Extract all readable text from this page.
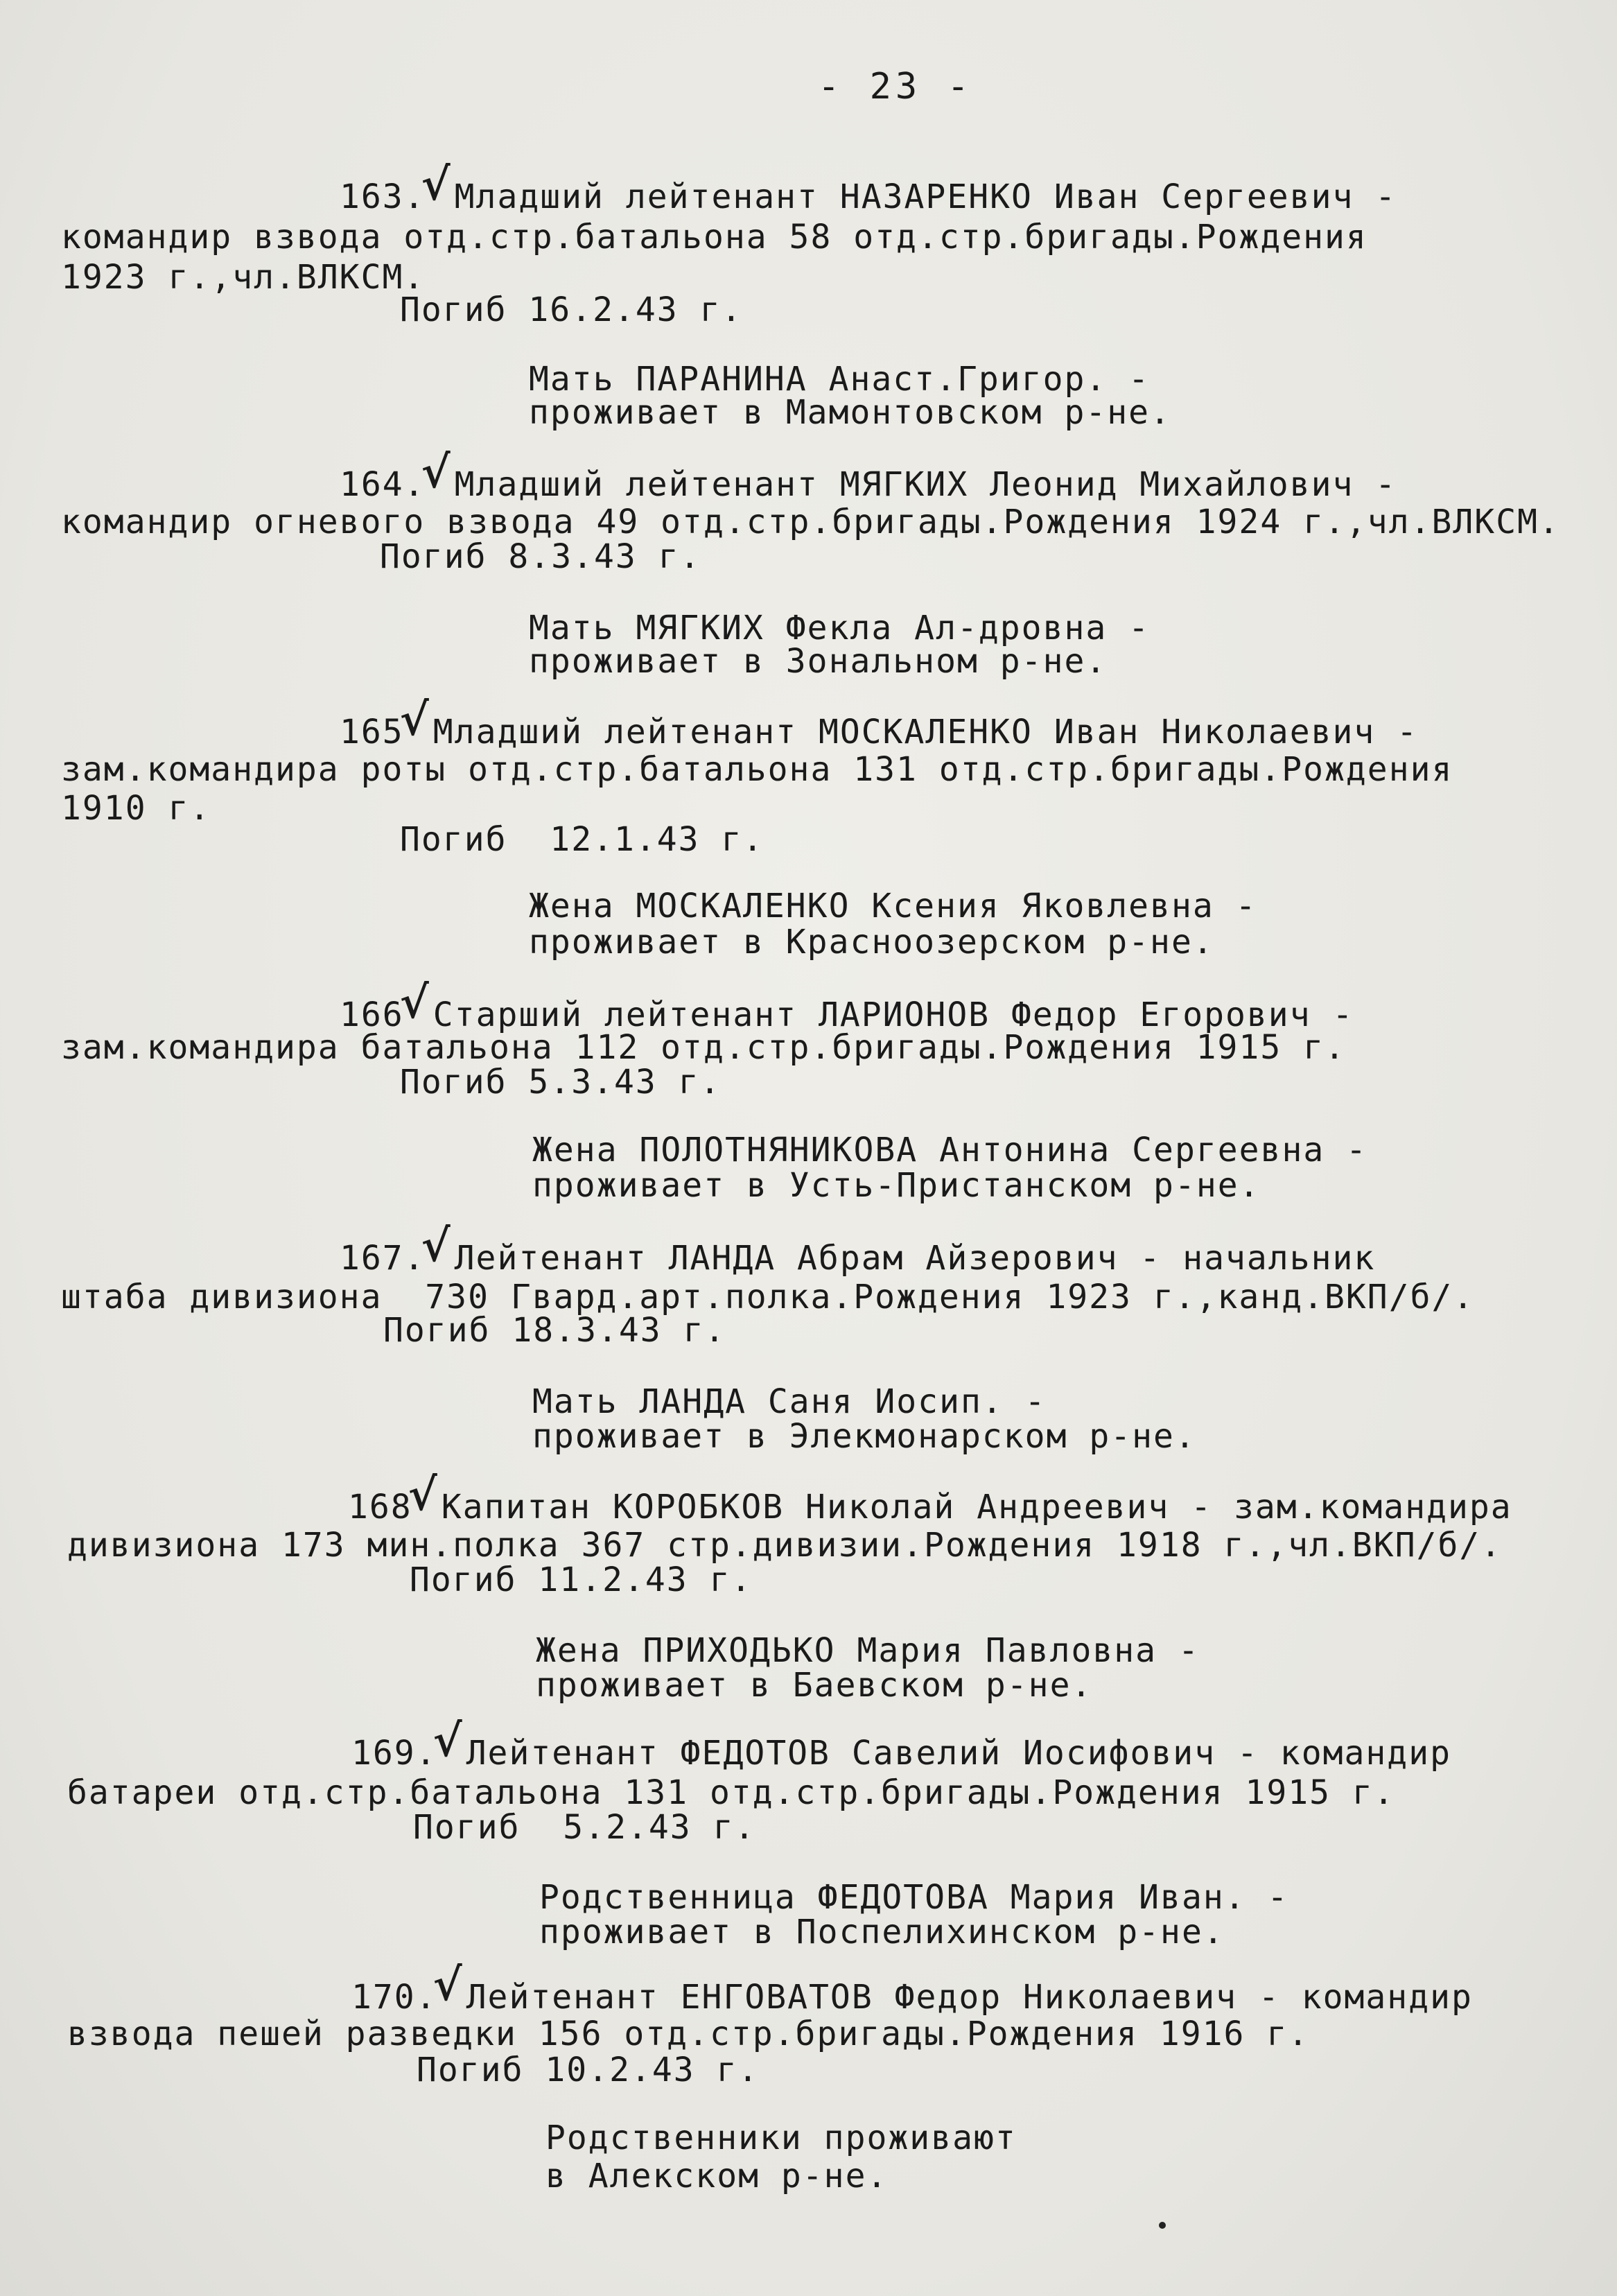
- 23 -
163.√Младший лейтенант НАЗАРЕНКО Иван Сергеевич -
командир взвода отд.стр.батальона 58 отд.стр.бригады.Рождения
1923 г.,чл.ВЛКСМ.
Погиб 16.2.43 г.
Мать ПАРАНИНА Анаст.Григор. -
проживает в Мамонтовском р-не.
164.√Младший лейтенант МЯГКИХ Леонид Михайлович -
командир огневого взвода 49 отд.стр.бригады.Рождения 1924 г.,чл.ВЛКСМ.
Погиб 8.3.43 г.
Мать МЯГКИХ Фекла Ал-дровна -
проживает в Зональном р-не.
165√Младший лейтенант МОСКАЛЕНКО Иван Николаевич -
зам.командира роты отд.стр.батальона 131 отд.стр.бригады.Рождения
1910 г.
Погиб  12.1.43 г.
Жена МОСКАЛЕНКО Ксения Яковлевна -
проживает в Красноозерском р-не.
166√Старший лейтенант ЛАРИОНОВ Федор Егорович -
зам.командира батальона 112 отд.стр.бригады.Рождения 1915 г.
Погиб 5.3.43 г.
Жена ПОЛОТНЯНИКОВА Антонина Сергеевна -
проживает в Усть-Пристанском р-не.
167.√Лейтенант ЛАНДА Абрам Айзерович - начальник
штаба дивизиона  730 Гвард.арт.полка.Рождения 1923 г.,канд.ВКП/б/.
Погиб 18.3.43 г.
Мать ЛАНДА Саня Иосип. -
проживает в Элекмонарском р-не.
168√Капитан КОРОБКОВ Николай Андреевич - зам.командира
дивизиона 173 мин.полка 367 стр.дивизии.Рождения 1918 г.,чл.ВКП/б/.
Погиб 11.2.43 г.
Жена ПРИХОДЬКО Мария Павловна -
проживает в Баевском р-не.
169.√Лейтенант ФЕДОТОВ Савелий Иосифович - командир
батареи отд.стр.батальона 131 отд.стр.бригады.Рождения 1915 г.
Погиб  5.2.43 г.
Родственница ФЕДОТОВА Мария Иван. -
проживает в Поспелихинском р-не.
170.√Лейтенант ЕНГОВАТОВ Федор Николаевич - командир
взвода пешей разведки 156 отд.стр.бригады.Рождения 1916 г.
Погиб 10.2.43 г.
Родственники проживают
в Алекском р-не.
